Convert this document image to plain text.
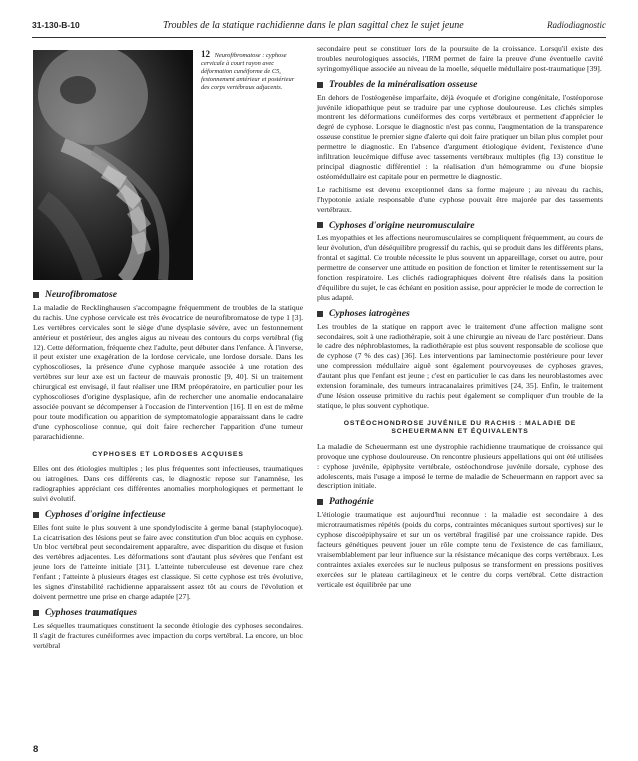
31-130-B-10	Troubles de la statique rachidienne dans le plan sagittal chez le sujet jeune	Radiodiagnostic
12 Neurofibromatose : cyphose cervicale à court rayon avec déformation cunéiforme de C5, festonnement antérieur et postérieur des corps vertébraux adjacents.
Neurofibromatose

La maladie de Recklinghausen s'accompagne fréquemment de troubles de la statique du rachis. Une cyphose cervicale est très évocatrice de neurofibromatose de type 1 [3]. Les vertèbres cervicales sont le siège d'une dysplasie sévère, avec un festonnement antérieur et postérieur, des angles aigus au niveau des contours du corps vertébral (fig 12). Cette déformation, fréquente chez l'adulte, peut débuter dans l'enfance. À l'inverse, il peut exister une exagération de la lordose cervicale, une lordose dorsale. Dans les cyphoscolioses, la présence d'une cyphose marquée associée à une rotation des vertèbres sur leur axe est un facteur de mauvais pronostic [9, 40]. Si un traitement chirurgical est envisagé, il faut réaliser une IRM préopératoire, en particulier pour les cyphoscolioses d'origine dysplasique, afin de rechercher une anomalie endocanalaire associée pouvant se décompenser à l'occasion de l'intervention [16]. Il en est de même pour toute modification ou apparition de symptomatologie apparaissant dans le cadre d'une cyphoscoliose connue, qui doit faire rechercher l'apparition d'une tumeur pararachidienne.

CYPHOSES ET LORDOSES ACQUISES

Elles ont des étiologies multiples ; les plus fréquentes sont infectieuses, traumatiques ou iatrogènes. Dans ces différents cas, le diagnostic repose sur l'anamnèse, les radiographies appréciant ces différentes anomalies morphologiques et permettant le suivi évolutif.

Cyphoses d'origine infectieuse

Elles font suite le plus souvent à une spondylodiscite à germe banal (staphylocoque). La cicatrisation des lésions peut se faire avec constitution d'un bloc acquis en cyphose. Un bloc vertébral peut secondairement apparaître, avec disparition du disque et fusion des vertèbres adjacentes. Les déformations sont d'autant plus sévères que l'enfant est jeune lors de l'atteinte initiale [31]. L'atteinte tuberculeuse est devenue rare chez l'enfant ; l'atteinte à plusieurs étages est classique. Si cette cyphose est très évolutive, les signes d'instabilité rachidienne apparaissent assez tôt au cours de l'évolution et doivent permettre une prise en charge adaptée [27].

Cyphoses traumatiques

Les séquelles traumatiques constituent la seconde étiologie des cyphoses secondaires. Il s'agit de fractures cunéiformes avec impaction du corps vertébral. La encore, un bloc vertébral

secondaire peut se constituer lors de la poursuite de la croissance. Lorsqu'il existe des troubles neurologiques associés, l'IRM permet de faire la preuve d'une éventuelle cavité syringomyélique associée au niveau de la moelle, séquelle médullaire post-traumatique [39].

Troubles de la minéralisation osseuse

En dehors de l'ostéogenèse imparfaite, déjà évoquée et d'origine congénitale, l'ostéoporose juvénile idiopathique peut se traduire par une cyphose douloureuse. Les clichés simples montrent les déformations cunéiformes des corps vertébraux et permettent d'apprécier le degré de cyphose. Lorsque le diagnostic n'est pas connu, l'augmentation de la transparence osseuse constitue le premier signe d'alerte qui doit faire pratiquer un bilan plus complet pour permettre le diagnostic. En l'absence d'argument étiologique évident, l'existence d'une infiltration leucémique diffuse avec tassements vertébraux multiples (fig 13) constitue le principal diagnostic différentiel : la réalisation d'un hémogramme ou d'une biopsie ostéomédullaire est capitale pour en permettre le diagnostic.

Le rachitisme est devenu exceptionnel dans sa forme majeure ; au niveau du rachis, l'hypotonie axiale responsable d'une cyphose pouvait être majorée par des tassements vertébraux.

Cyphoses d'origine neuromusculaire

Les myopathies et les affections neuromusculaires se compliquent fréquemment, au cours de leur évolution, d'un déséquilibre progressif du rachis, qui se produit dans les différents plans, frontal et sagittal. Ce trouble nécessite le plus souvent un appareillage, corset ou autre, pour permettre de conserver une attitude en position de fonction et limiter le retentissement sur la fonction respiratoire. Les clichés radiographiques doivent être réalisés dans la position d'équilibre du sujet, le cas échéant en position assise, pour apprécier le mode de correction le plus adapté.

Cyphoses iatrogènes

Les troubles de la statique en rapport avec le traitement d'une affection maligne sont secondaires, soit à une radiothérapie, soit à une chirurgie au niveau de l'arc postérieur. Dans le cadre des néphroblastomes, la radiothérapie est plus souvent responsable de scoliose que de cyphose (7 % des cas) [36]. Les interventions par laminectomie postérieure pour lever une compression médullaire aiguë sont également pourvoyeuses de cyphoses graves, d'autant plus que l'enfant est jeune ; c'est en particulier le cas dans les neuroblastomes avec extension foraminale, des tumeurs intracanalaires primitives [24, 35]. Enfin, le traitement d'une lésion osseuse primitive du rachis peut également se compliquer d'un trouble de la statique, le plus souvent cyphotique.

OSTÉOCHONDROSE JUVÉNILE DU RACHIS : MALADIE DE SCHEUERMANN ET ÉQUIVALENTS

La maladie de Scheuermann est une dystrophie rachidienne traumatique de croissance qui provoque une cyphose douloureuse. On rencontre plusieurs appellations qui ont été utilisées : cyphose juvénile, épiphysite vertébrale, ostéochondrose juvénile dorsale, cyphose des adolescents, mais l'usage a imposé le terme de maladie de Scheuermann en rapport avec sa description initiale.

Pathogénie

L'étiologie traumatique est aujourd'hui reconnue : la maladie est secondaire à des microtraumatismes répétés (poids du corps, contraintes mécaniques surtout sportives) sur le cyphose discoépiphysaire et sur un os vertébral fragilisé par une croissance rapide. Des facteurs génétiques peuvent jouer un rôle compte tenu de l'existence de cas familiaux, vraisemblablement par leur influence sur la résistance mécanique des corps vertébraux. Les contraintes axiales exercées sur le nucleus pulposus se transforment en pressions positives exercées sur le plateau cartilagineux et le centre du corps vertébral. Cette distraction verticale est équilibrée par une

8
